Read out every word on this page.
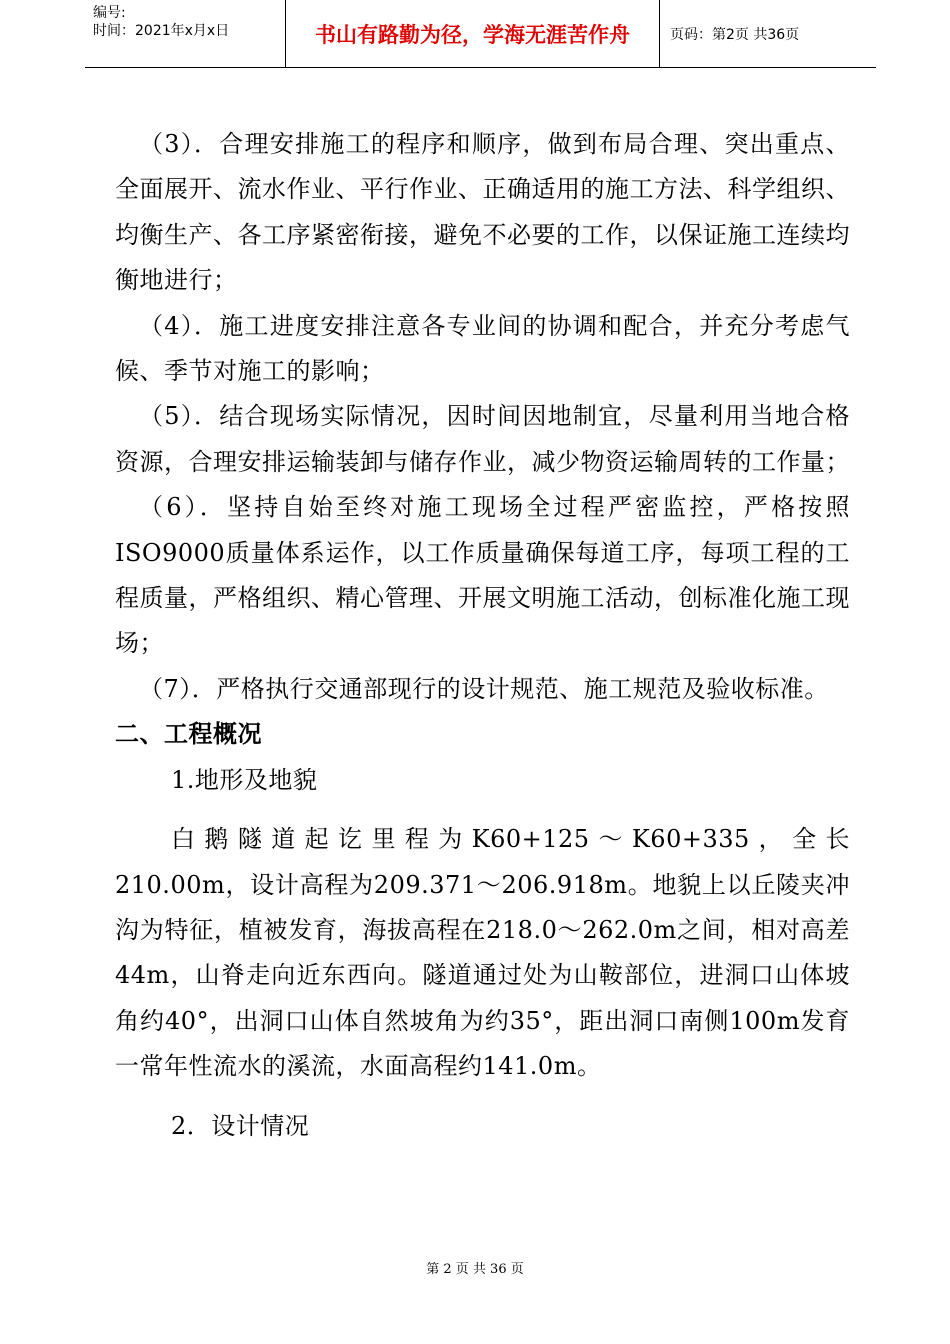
编号:
时间：2021年x月x日	书山有路勤为径，学海无涯苦作舟	页码：第2页 共36页

（3）．合理安排施工的程序和顺序，做到布局合理、突出重点、全面展开、流水作业、平行作业、正确适用的施工方法、科学组织、均衡生产、各工序紧密衔接，避免不必要的工作，以保证施工连续均衡地进行；

（4）．施工进度安排注意各专业间的协调和配合，并充分考虑气候、季节对施工的影响；

（5）．结合现场实际情况，因时间因地制宜，尽量利用当地合格资源，合理安排运输装卸与储存作业，减少物资运输周转的工作量；

（6）．坚持自始至终对施工现场全过程严密监控，严格按照ISO9000质量体系运作，以工作质量确保每道工序，每项工程的工程质量，严格组织、精心管理、开展文明施工活动，创标准化施工现场；

（7）．严格执行交通部现行的设计规范、施工规范及验收标准。

二、工程概况

1.地形及地貌

白鹅隧道起讫里程为K60+125～K60+335，全长210.00m，设计高程为209.371～206.918m。地貌上以丘陵夹冲沟为特征，植被发育，海拔高程在218.0～262.0m之间，相对高差44m，山脊走向近东西向。隧道通过处为山鞍部位，进洞口山体坡角约40°，出洞口山体自然坡角为约35°，距出洞口南侧100m发育一常年性流水的溪流，水面高程约141.0m。

2．设计情况

第 2 页 共 36 页
